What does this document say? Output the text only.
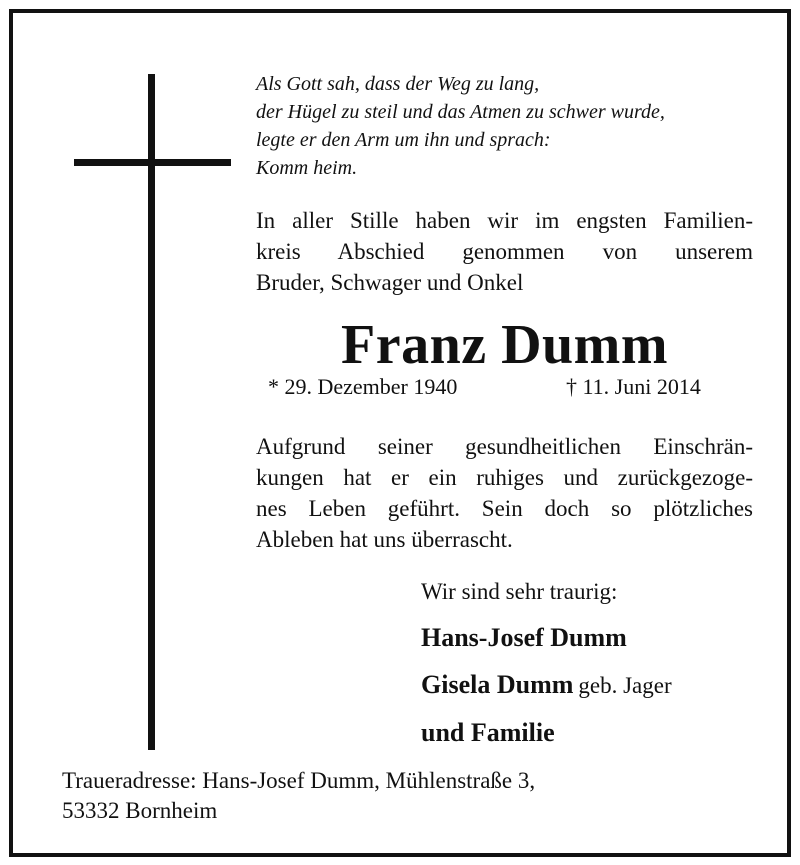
Als Gott sah, dass der Weg zu lang,
der Hügel zu steil und das Atmen zu schwer wurde,
legte er den Arm um ihn und sprach:
Komm heim.
In aller Stille haben wir im engsten Familien-
kreis Abschied genommen von unserem
Bruder, Schwager und Onkel
Franz Dumm
* 29. Dezember 1940	† 11. Juni 2014
Aufgrund seiner gesundheitlichen Einschrän-
kungen hat er ein ruhiges und zurückgezoge-
nes Leben geführt. Sein doch so plötzliches
Ableben hat uns überrascht.
Wir sind sehr traurig:
Hans-Josef Dumm
Gisela Dumm geb. Jager
und Familie
Traueradresse: Hans-Josef Dumm, Mühlenstraße 3,
53332 Bornheim
